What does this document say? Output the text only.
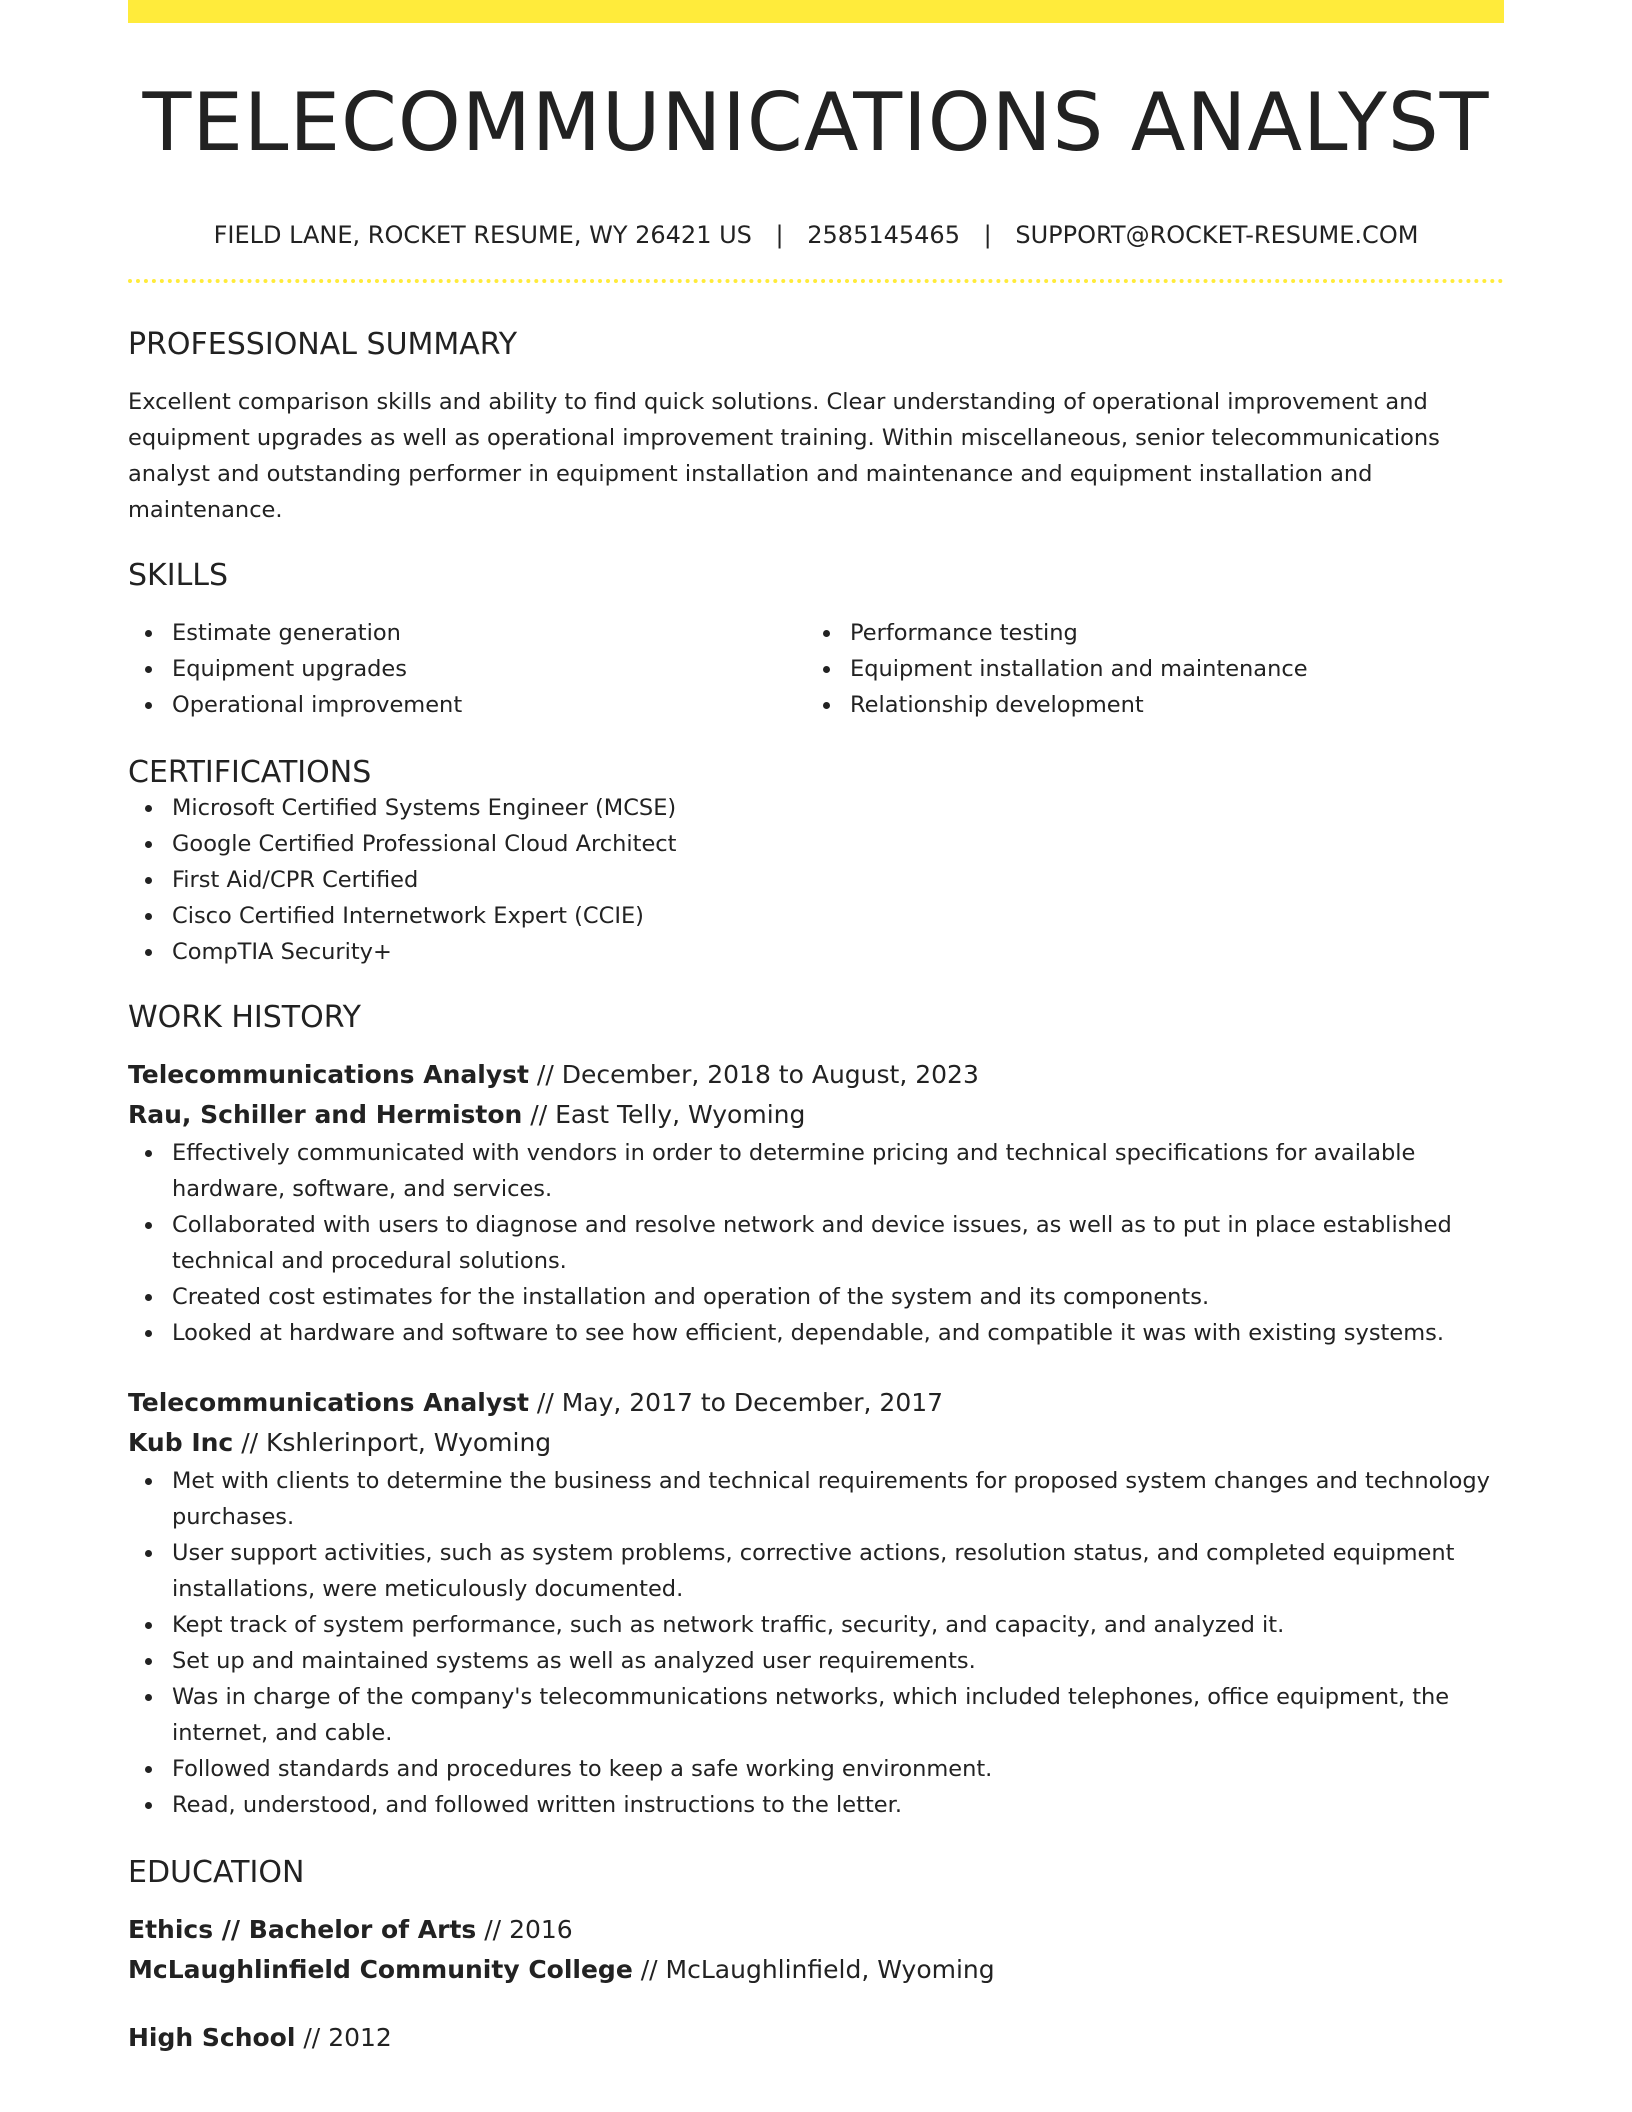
TELECOMMUNICATIONS ANALYST
FIELD LANE, ROCKET RESUME, WY 26421 US | 2585145465 | SUPPORT@ROCKET-RESUME.COM
PROFESSIONAL SUMMARY
Excellent comparison skills and ability to find quick solutions. Clear understanding of operational improvement and equipment upgrades as well as operational improvement training. Within miscellaneous, senior telecommunications analyst and outstanding performer in equipment installation and maintenance and equipment installation and maintenance.
SKILLS
Estimate generation
Equipment upgrades
Operational improvement
Performance testing
Equipment installation and maintenance
Relationship development
CERTIFICATIONS
Microsoft Certified Systems Engineer (MCSE)
Google Certified Professional Cloud Architect
First Aid/CPR Certified
Cisco Certified Internetwork Expert (CCIE)
CompTIA Security+
WORK HISTORY
Telecommunications Analyst // December, 2018 to August, 2023
Rau, Schiller and Hermiston // East Telly, Wyoming
Effectively communicated with vendors in order to determine pricing and technical specifications for available hardware, software, and services.
Collaborated with users to diagnose and resolve network and device issues, as well as to put in place established technical and procedural solutions.
Created cost estimates for the installation and operation of the system and its components.
Looked at hardware and software to see how efficient, dependable, and compatible it was with existing systems.
Telecommunications Analyst // May, 2017 to December, 2017
Kub Inc // Kshlerinport, Wyoming
Met with clients to determine the business and technical requirements for proposed system changes and technology purchases.
User support activities, such as system problems, corrective actions, resolution status, and completed equipment installations, were meticulously documented.
Kept track of system performance, such as network traffic, security, and capacity, and analyzed it.
Set up and maintained systems as well as analyzed user requirements.
Was in charge of the company's telecommunications networks, which included telephones, office equipment, the internet, and cable.
Followed standards and procedures to keep a safe working environment.
Read, understood, and followed written instructions to the letter.
EDUCATION
Ethics // Bachelor of Arts // 2016
McLaughlinfield Community College // McLaughlinfield, Wyoming
High School // 2012
